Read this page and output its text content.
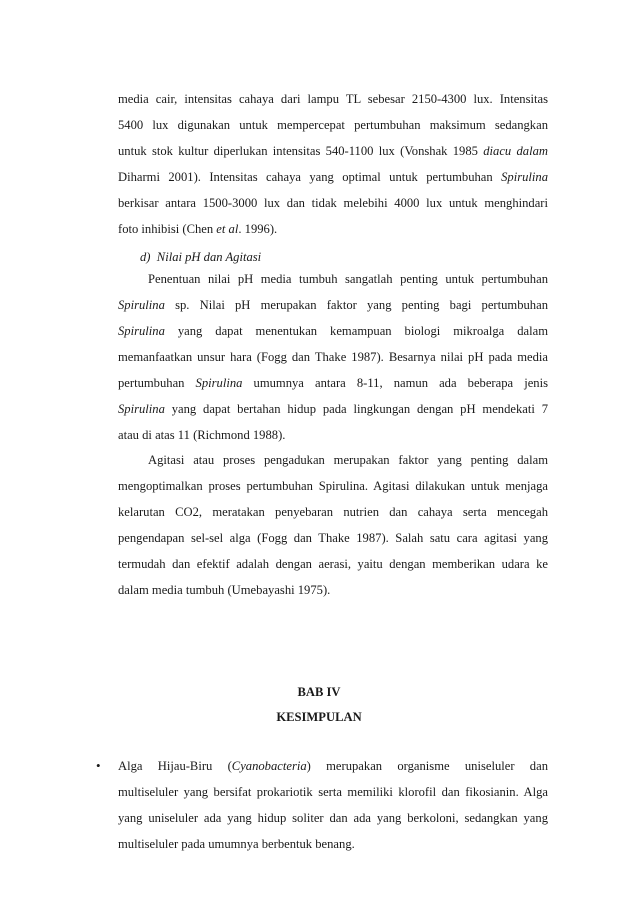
media cair, intensitas cahaya dari lampu TL sebesar 2150-4300 lux. Intensitas
5400 lux digunakan untuk mempercepat pertumbuhan maksimum sedangkan
untuk stok kultur diperlukan intensitas 540-1100 lux (Vonshak 1985 diacu dalam
Diharmi 2001). Intensitas cahaya yang optimal untuk pertumbuhan Spirulina
berkisar antara 1500-3000 lux dan tidak melebihi 4000 lux untuk menghindari
foto inhibisi (Chen et al. 1996).
d) Nilai pH dan Agitasi
Penentuan nilai pH media tumbuh sangatlah penting untuk pertumbuhan
Spirulina sp. Nilai pH merupakan faktor yang penting bagi pertumbuhan
Spirulina yang dapat menentukan kemampuan biologi mikroalga dalam
memanfaatkan unsur hara (Fogg dan Thake 1987). Besarnya nilai pH pada media
pertumbuhan Spirulina umumnya antara 8-11, namun ada beberapa jenis
Spirulina yang dapat bertahan hidup pada lingkungan dengan pH mendekati 7
atau di atas 11 (Richmond 1988).
Agitasi atau proses pengadukan merupakan faktor yang penting dalam
mengoptimalkan proses pertumbuhan Spirulina. Agitasi dilakukan untuk menjaga
kelarutan CO2, meratakan penyebaran nutrien dan cahaya serta mencegah
pengendapan sel-sel alga (Fogg dan Thake 1987). Salah satu cara agitasi yang
termudah dan efektif adalah dengan aerasi, yaitu dengan memberikan udara ke
dalam media tumbuh (Umebayashi 1975).
BAB IV
KESIMPULAN
• Alga Hijau-Biru (Cyanobacteria) merupakan organisme uniseluler dan
multiseluler yang bersifat prokariotik serta memiliki klorofil dan fikosianin. Alga
yang uniseluler ada yang hidup soliter dan ada yang berkoloni, sedangkan yang
multiseluler pada umumnya berbentuk benang.
